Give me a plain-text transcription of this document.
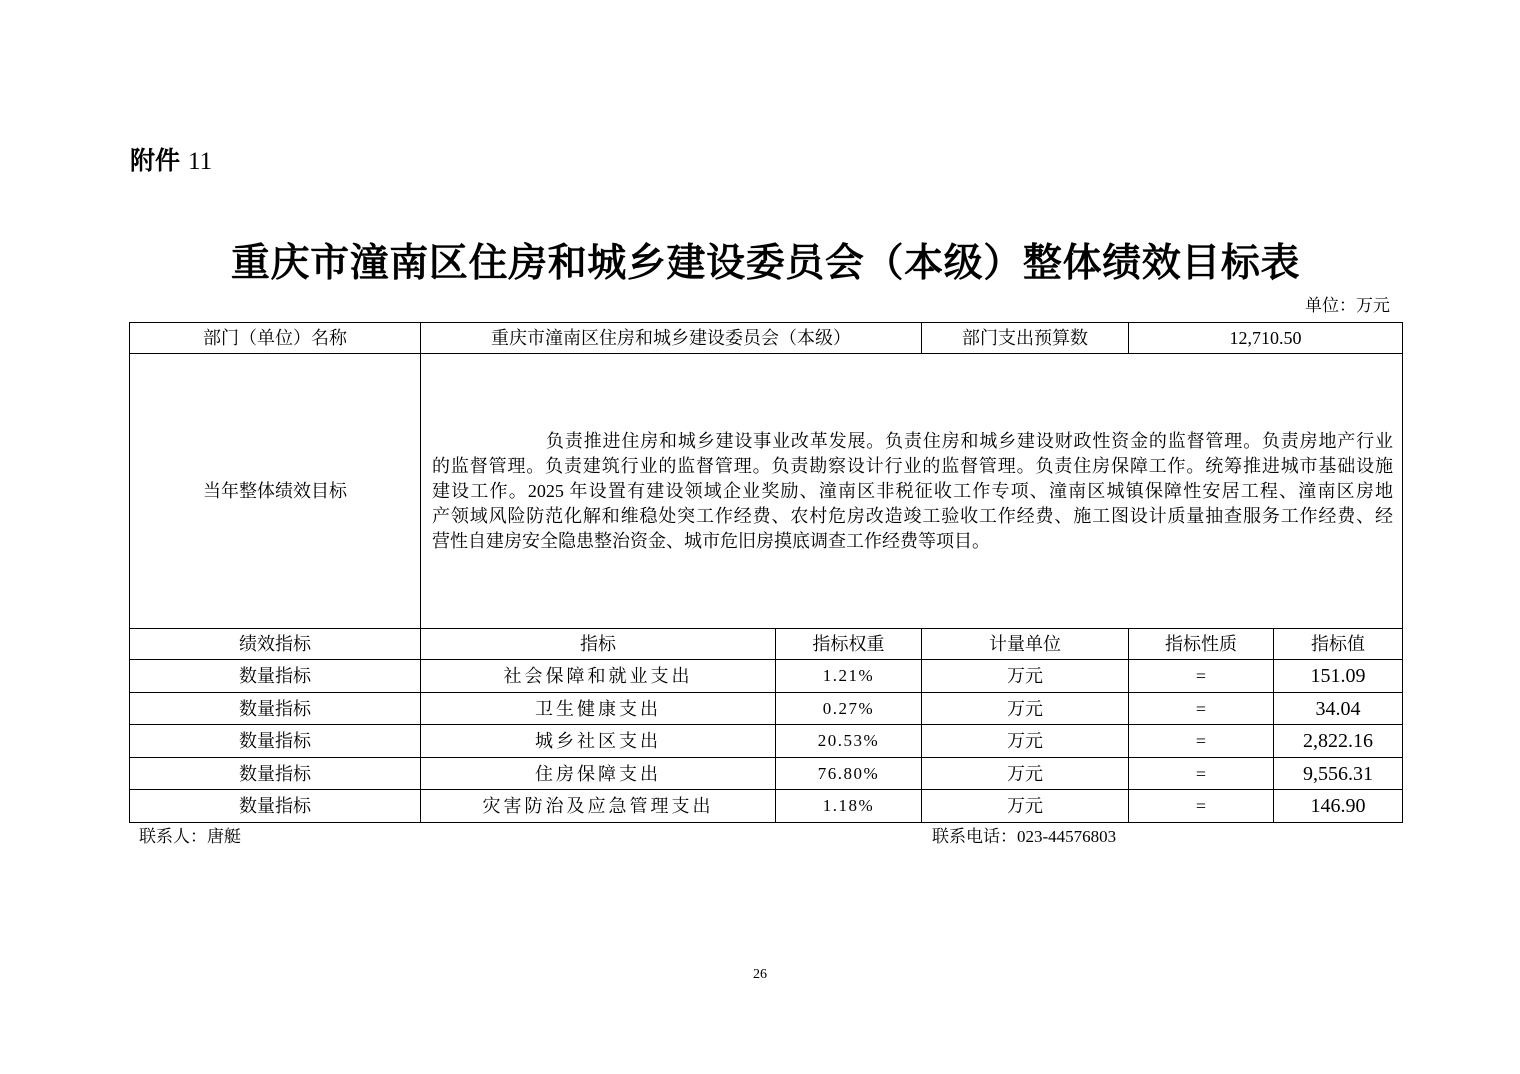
附件 11
重庆市潼南区住房和城乡建设委员会（本级）整体绩效目标表
单位：万元
部门（单位）名称	重庆市潼南区住房和城乡建设委员会（本级）		部门支出预算数	12,710.50	
当年整体绩效目标	负责推进住房和城乡建设事业改革发展。负责住房和城乡建设财政性资金的监督管理。负责房地产行业
的监督管理。负责建筑行业的监督管理。负责勘察设计行业的监督管理。负责住房保障工作。统筹推进城市基础设施
建设工作。2025 年设置有建设领域企业奖励、潼南区非税征收工作专项、潼南区城镇保障性安居工程、潼南区房地
产领域风险防范化解和维稳处突工作经费、农村危房改造竣工验收工作经费、施工图设计质量抽查服务工作经费、经
营性自建房安全隐患整治资金、城市危旧房摸底调查工作经费等项目。				

绩效指标	指标	指标权重	计量单位	指标性质	指标值
数量指标	社会保障和就业支出	1.21%	万元	=	151.09
数量指标	卫生健康支出	0.27%	万元	=	34.04
数量指标	城乡社区支出	20.53%	万元	=	2,822.16
数量指标	住房保障支出	76.80%	万元	=	9,556.31
数量指标	灾害防治及应急管理支出	1.18%	万元	=	146.90
联系人：唐艇	联系电话：023-44576803
26
